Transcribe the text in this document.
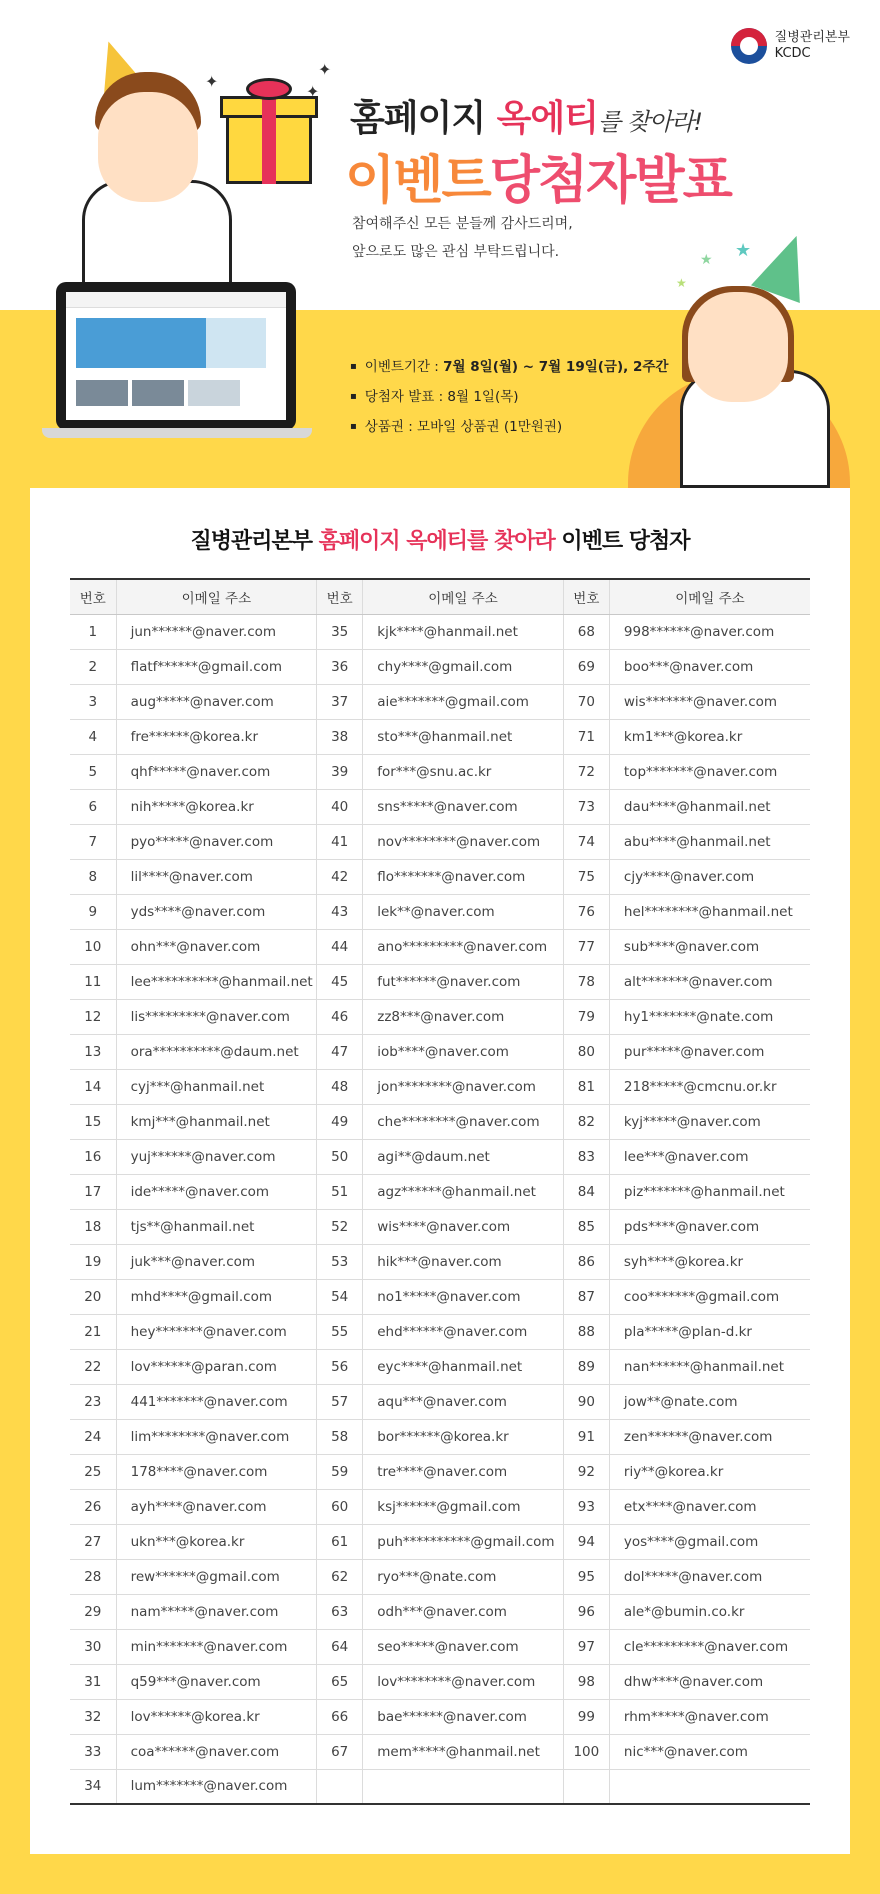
질병관리본부
KCDC
✦
✦
✦
홈페이지 옥에티를 찾아라!
이벤트당첨자발표
참여해주신 모든 분들께 감사드리며,
앞으로도 많은 관심 부탁드립니다.
▪ 이벤트기간 : 7월 8일(월) ~ 7월 19일(금), 2주간
▪ 당첨자 발표 : 8월 1일(목)
▪ 상품권 : 모바일 상품권 (1만원권)
★
★
★
질병관리본부 홈페이지 옥에티를 찾아라 이벤트 당첨자
번호	이메일 주소	번호	이메일 주소	번호	이메일 주소
1	jun******@naver.com	35	kjk****@hanmail.net	68	998******@naver.com
2	flatf******@gmail.com	36	chy****@gmail.com	69	boo***@naver.com
3	aug*****@naver.com	37	aie*******@gmail.com	70	wis*******@naver.com
4	fre******@korea.kr	38	sto***@hanmail.net	71	km1***@korea.kr
5	qhf*****@naver.com	39	for***@snu.ac.kr	72	top*******@naver.com
6	nih*****@korea.kr	40	sns*****@naver.com	73	dau****@hanmail.net
7	pyo*****@naver.com	41	nov********@naver.com	74	abu****@hanmail.net
8	lil****@naver.com	42	flo*******@naver.com	75	cjy****@naver.com
9	yds****@naver.com	43	lek**@naver.com	76	hel********@hanmail.net
10	ohn***@naver.com	44	ano*********@naver.com	77	sub****@naver.com
11	lee**********@hanmail.net	45	fut******@naver.com	78	alt*******@naver.com
12	lis*********@naver.com	46	zz8***@naver.com	79	hy1*******@nate.com
13	ora**********@daum.net	47	iob****@naver.com	80	pur*****@naver.com
14	cyj***@hanmail.net	48	jon********@naver.com	81	218*****@cmcnu.or.kr
15	kmj***@hanmail.net	49	che********@naver.com	82	kyj*****@naver.com
16	yuj******@naver.com	50	agi**@daum.net	83	lee***@naver.com
17	ide*****@naver.com	51	agz******@hanmail.net	84	piz*******@hanmail.net
18	tjs**@hanmail.net	52	wis****@naver.com	85	pds****@naver.com
19	juk***@naver.com	53	hik***@naver.com	86	syh****@korea.kr
20	mhd****@gmail.com	54	no1*****@naver.com	87	coo*******@gmail.com
21	hey*******@naver.com	55	ehd******@naver.com	88	pla*****@plan-d.kr
22	lov******@paran.com	56	eyc****@hanmail.net	89	nan******@hanmail.net
23	441*******@naver.com	57	aqu***@naver.com	90	jow**@nate.com
24	lim********@naver.com	58	bor******@korea.kr	91	zen******@naver.com
25	178****@naver.com	59	tre****@naver.com	92	riy**@korea.kr
26	ayh****@naver.com	60	ksj******@gmail.com	93	etx****@naver.com
27	ukn***@korea.kr	61	puh**********@gmail.com	94	yos****@gmail.com
28	rew******@gmail.com	62	ryo***@nate.com	95	dol*****@naver.com
29	nam*****@naver.com	63	odh***@naver.com	96	ale*@bumin.co.kr
30	min*******@naver.com	64	seo*****@naver.com	97	cle*********@naver.com
31	q59***@naver.com	65	lov********@naver.com	98	dhw****@naver.com
32	lov******@korea.kr	66	bae******@naver.com	99	rhm*****@naver.com
33	coa******@naver.com	67	mem*****@hanmail.net	100	nic***@naver.com
34	lum*******@naver.com				
